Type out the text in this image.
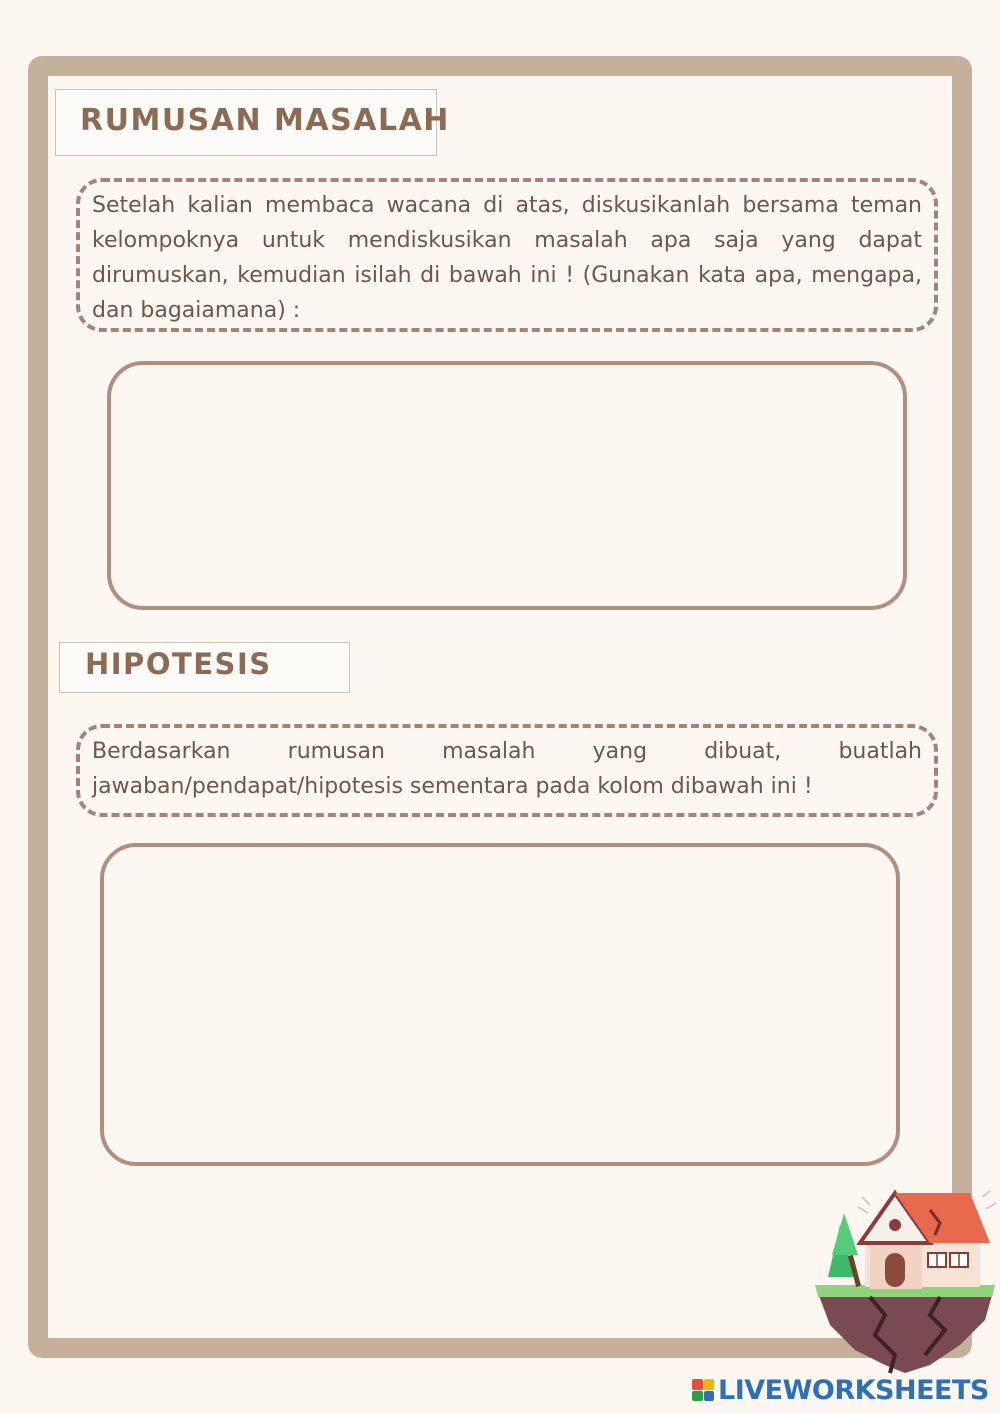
RUMUSAN MASALAH
Setelah kalian membaca wacana di atas, diskusikanlah bersama teman kelompoknya untuk mendiskusikan masalah apa saja yang dapat dirumuskan, kemudian isilah di bawah ini ! (Gunakan kata apa, mengapa, dan bagaiamana) :
HIPOTESIS
Berdasarkan rumusan masalah yang dibuat, buatlah jawaban/pendapat/hipotesis sementara pada kolom dibawah ini !
LIVEWORKSHEETS
